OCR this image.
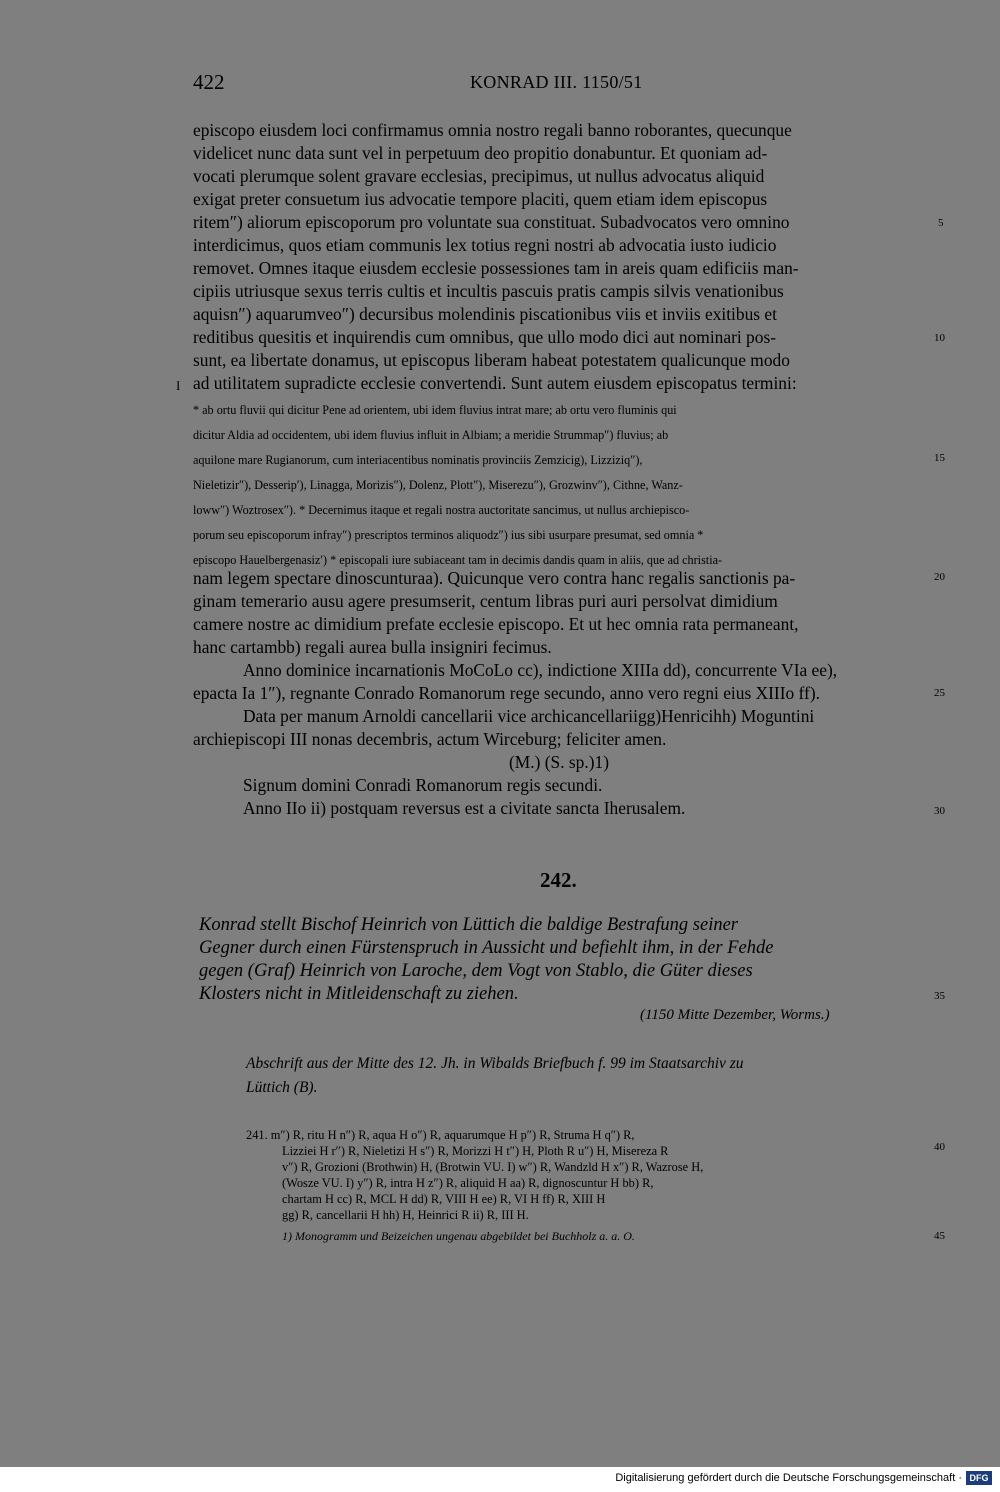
422	KONRAD III. 1150/51
episcopo eiusdem loci confirmamus omnia nostro regali banno roborantes, quecunque
videlicet nunc data sunt vel in perpetuum deo propitio donabuntur. Et quoniam ad-
vocati plerumque solent gravare ecclesias, precipimus, ut nullus advocatus aliquid
exigat preter consuetum ius advocatie tempore placiti, quem etiam idem episcopus
ritem″) aliorum episcoporum pro voluntate sua constituat. Subadvocatos vero omnino
interdicimus, quos etiam communis lex totius regni nostri ab advocatia iusto iudicio
removet. Omnes itaque eiusdem ecclesie possessiones tam in areis quam edificiis man-
cipiis utriusque sexus terris cultis et incultis pascuis pratis campis silvis venationibus
aquisn″) aquarumveo″) decursibus molendinis piscationibus viis et inviis exitibus et
reditibus quesitis et inquirendis cum omnibus, que ullo modo dici aut nominari pos-
sunt, ea libertate donamus, ut episcopus liberam habeat potestatem qualicunque modo
ad utilitatem supradicte ecclesie convertendi. Sunt autem eiusdem episcopatus termini:
* ab ortu fluvii qui dicitur Pene ad orientem, ubi idem fluvius intrat mare; ab ortu vero fluminis qui
dicitur Aldia ad occidentem, ubi idem fluvius influit in Albiam; a meridie Strummap″) fluvius; ab
aquilone mare Rugianorum, cum interiacentibus nominatis provinciis Zemzicig), Lizziziq″),
Nieletizir″), Desserip′), Linagga, Morizis″), Dolenz, Plott″), Miserezu″), Grozwinv″), Cithne, Wanz-
loww″) Woztrosex″). * Decernimus itaque et regali nostra auctoritate sancimus, ut nullus archiepisco-
porum seu episcoporum infray″) prescriptos terminos aliquodz″) ius sibi usurpare presumat, sed omnia *
episcopo Hauelbergenasiz′) * episcopali iure subiaceant tam in decimis dandis quam in aliis, que ad christia-
nam legem spectare dinoscunturaa). Quicunque vero contra hanc regalis sanctionis pa-
ginam temerario ausu agere presumserit, centum libras puri auri persolvat dimidium
camere nostre ac dimidium prefate ecclesie episcopo. Et ut hec omnia rata permaneant,
hanc cartambb) regali aurea bulla insigniri fecimus.
Anno dominice incarnationis MoCoLo cc), indictione XIIIa dd), concurrente VIa ee),
epacta Ia 1″), regnante Conrado Romanorum rege secundo, anno vero regni eius XIIIo ff).
Data per manum Arnoldi cancellarii vice archicancellariigg)Henricihh) Moguntini
archiepiscopi III nonas decembris, actum Wirceburg; feliciter amen.
(M.) (S. sp.)1)
Signum domini Conradi Romanorum regis secundi.
Anno IIo ii) postquam reversus est a civitate sancta Iherusalem.
I
5
10
15
20
25
30
35
40
45
242.
Konrad stellt Bischof Heinrich von Lüttich die baldige Bestrafung seiner
Gegner durch einen Fürstenspruch in Aussicht und befiehlt ihm, in der Fehde
gegen (Graf) Heinrich von Laroche, dem Vogt von Stablo, die Güter dieses
Klosters nicht in Mitleidenschaft zu ziehen.
(1150 Mitte Dezember, Worms.)
Abschrift aus der Mitte des 12. Jh. in Wibalds Briefbuch f. 99 im Staatsarchiv zu
Lüttich (B).
241. m″) R, ritu H n″) R, aqua H o″) R, aquarumque H p″) R, Struma H q″) R,
Lizziei H r″) R, Nieletizi H s″) R, Morizzi H t″) H, Ploth R u″) H, Misereza R
v″) R, Grozioni (Brothwin) H, (Brotwin VU. I) w″) R, Wandzld H x″) R, Wazrose H,
(Wosze VU. I) y″) R, intra H z″) R, aliquid H aa) R, dignoscuntur H bb) R,
chartam H cc) R, MCL H dd) R, VIII H ee) R, VI H ff) R, XIII H
gg) R, cancellarii H hh) H, Heinrici R ii) R, III H.
1) Monogramm und Beizeichen ungenau abgebildet bei Buchholz a. a. O.
Digitalisierung gefördert durch die Deutsche Forschungsgemeinschaft · DFG
